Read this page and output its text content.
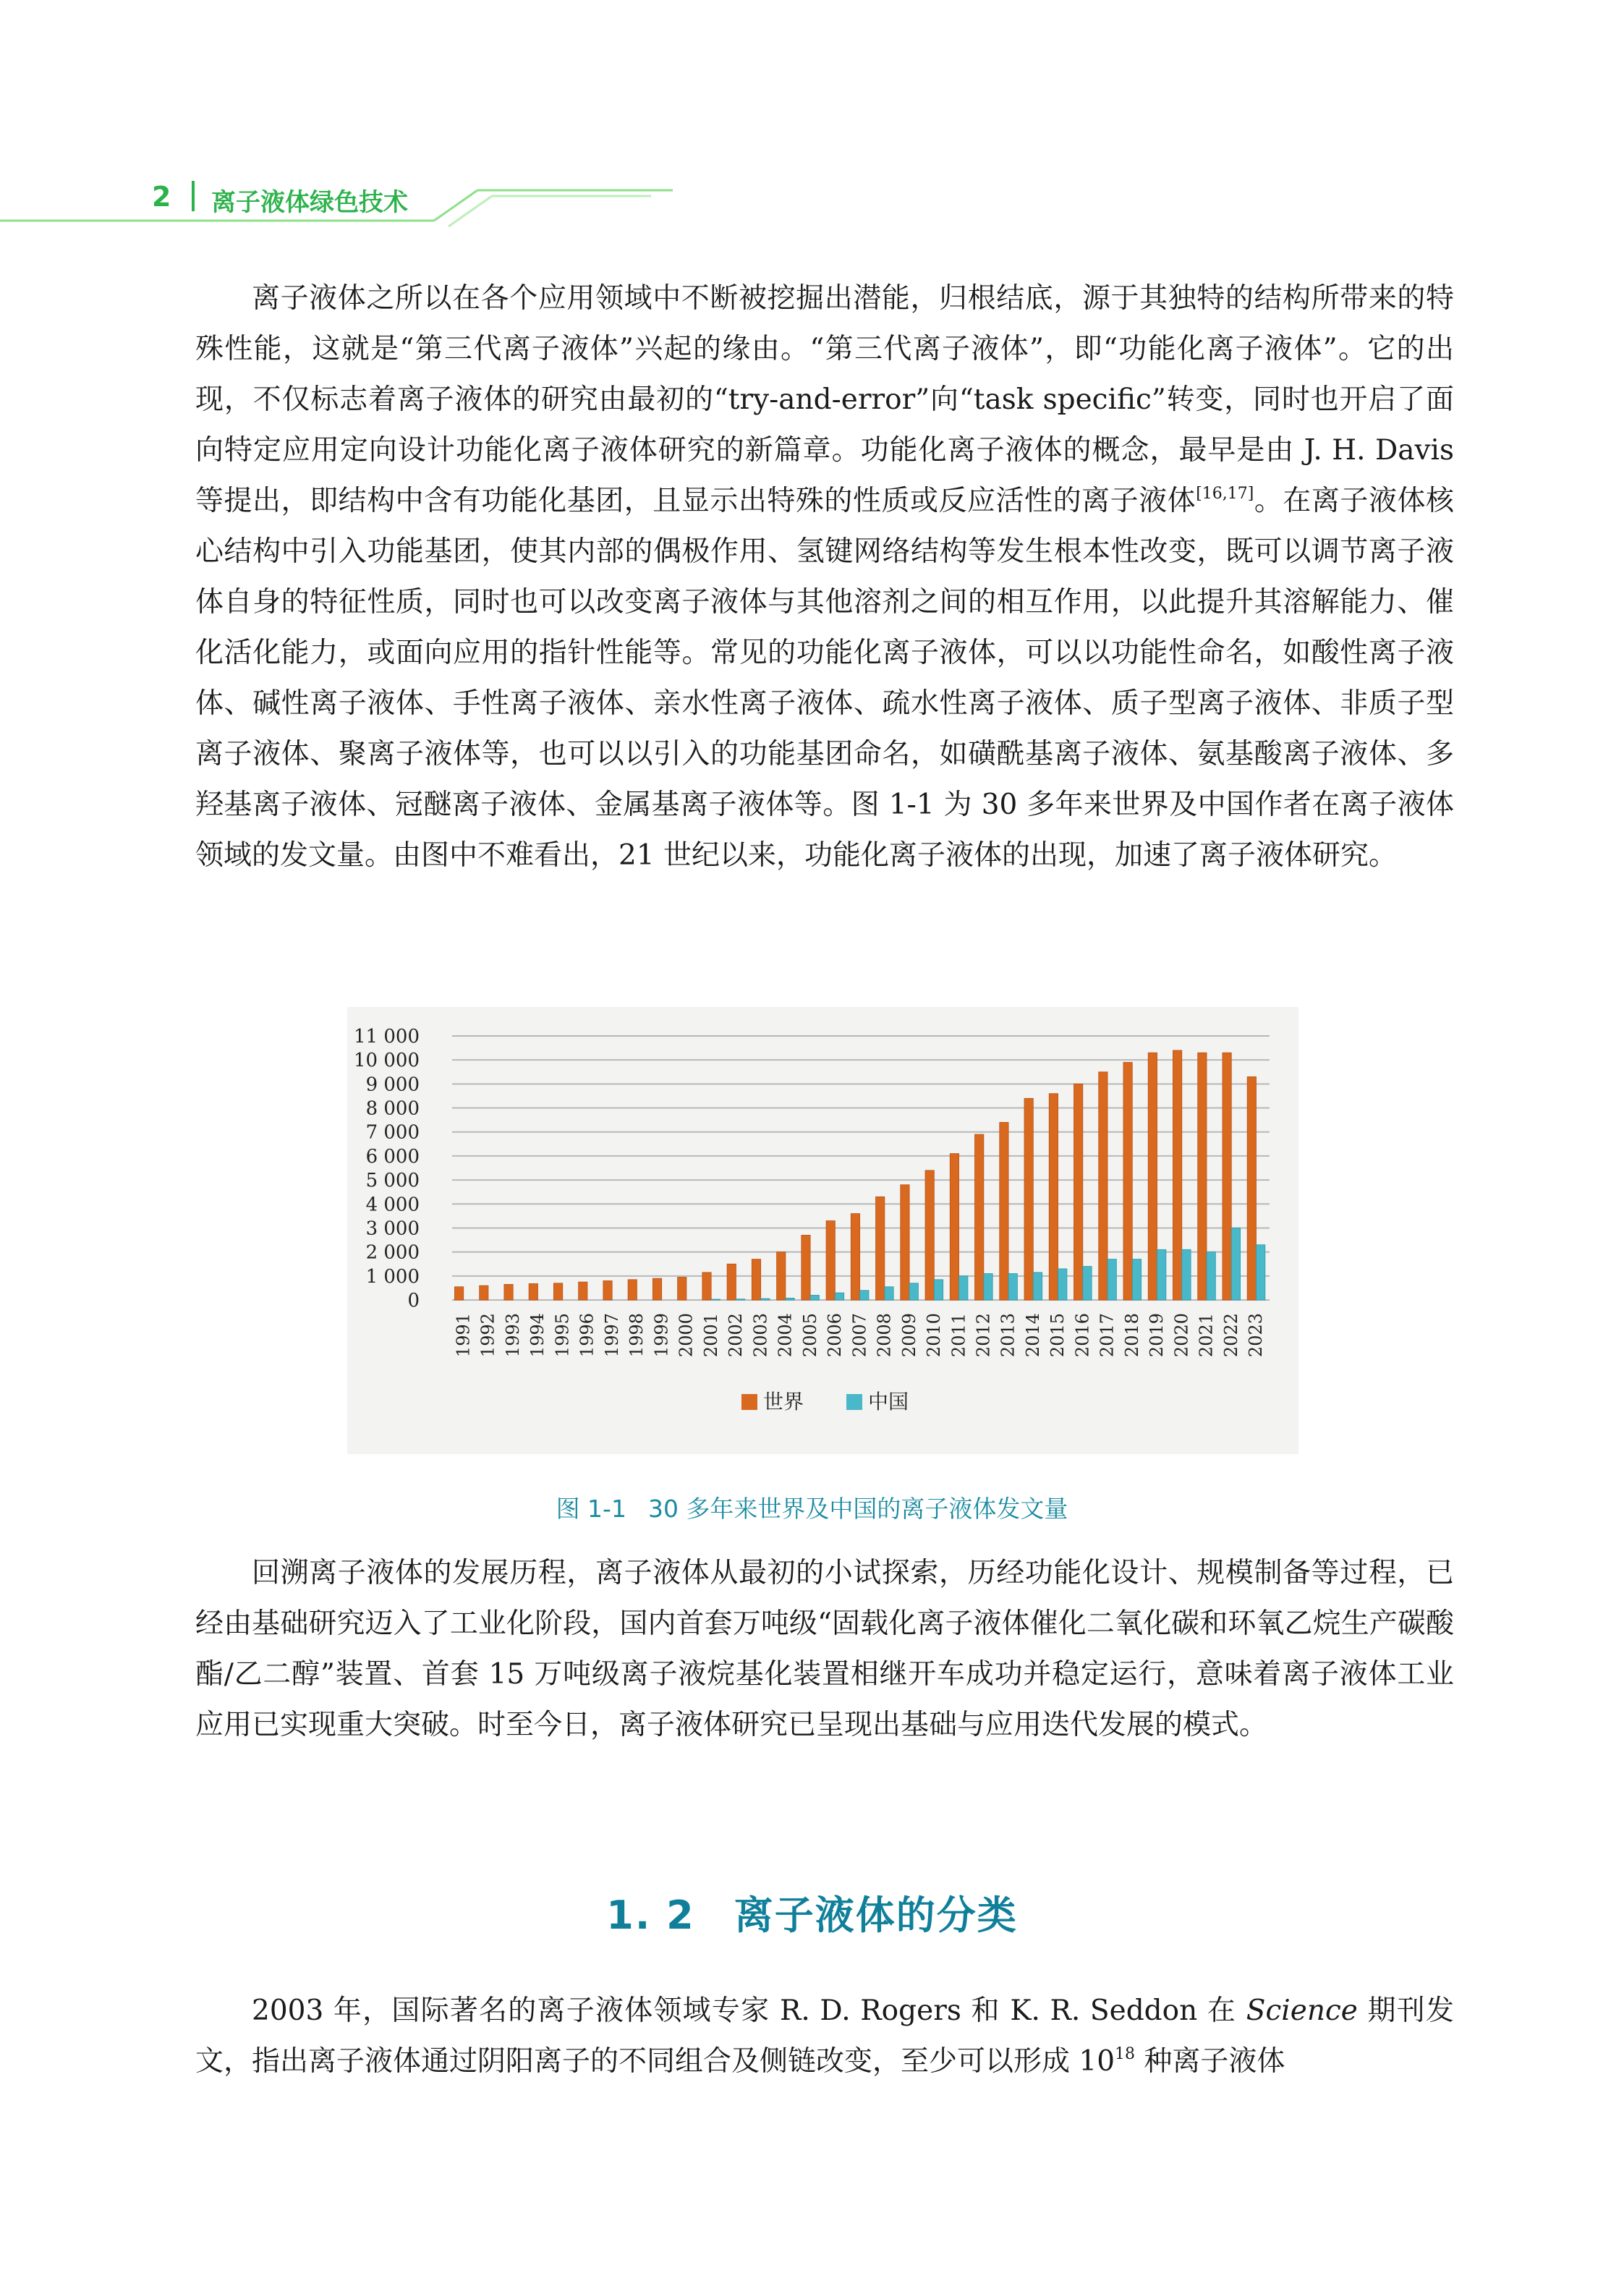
2 离子液体绿色技术

离子液体之所以在各个应用领域中不断被挖掘出潜能，归根结底，源于其独特的结构所带来的特殊性能，这就是“第三代离子液体”兴起的缘由。“第三代离子液体”，即“功能化离子液体”。它的出现，不仅标志着离子液体的研究由最初的“try-and-error”向“task specific”转变，同时也开启了面向特定应用定向设计功能化离子液体研究的新篇章。功能化离子液体的概念，最早是由 J. H. Davis 等提出，即结构中含有功能化基团，且显示出特殊的性质或反应活性的离子液体[16,17]。在离子液体核心结构中引入功能基团，使其内部的偶极作用、氢键网络结构等发生根本性改变，既可以调节离子液体自身的特征性质，同时也可以改变离子液体与其他溶剂之间的相互作用，以此提升其溶解能力、催化活化能力，或面向应用的指针性能等。常见的功能化离子液体，可以以功能性命名，如酸性离子液体、碱性离子液体、手性离子液体、亲水性离子液体、疏水性离子液体、质子型离子液体、非质子型离子液体、聚离子液体等，也可以以引入的功能基团命名，如磺酰基离子液体、氨基酸离子液体、多羟基离子液体、冠醚离子液体、金属基离子液体等。图 1-1 为 30 多年来世界及中国作者在离子液体领域的发文量。由图中不难看出，21 世纪以来，功能化离子液体的出现，加速了离子液体研究。

0
1 000
2 000
3 000
4 000
5 000
6 000
7 000
8 000
9 000
10 000
11 000
1991 1992 1993 1994 1995 1996 1997 1998 1999 2000 2001 2002 2003 2004 2005 2006 2007 2008 2009 2010 2011 2012 2013 2014 2015 2016 2017 2018 2019 2020 2021 2022 2023
世界	中国
图 1-1 30 多年来世界及中国的离子液体发文量

回溯离子液体的发展历程，离子液体从最初的小试探索，历经功能化设计、规模制备等过程，已经由基础研究迈入了工业化阶段，国内首套万吨级“固载化离子液体催化二氧化碳和环氧乙烷生产碳酸酯/乙二醇”装置、首套 15 万吨级离子液烷基化装置相继开车成功并稳定运行，意味着离子液体工业应用已实现重大突破。时至今日，离子液体研究已呈现出基础与应用迭代发展的模式。

1. 2 离子液体的分类

2003 年，国际著名的离子液体领域专家 R. D. Rogers 和 K. R. Seddon 在 Science 期刊发文，指出离子液体通过阴阳离子的不同组合及侧链改变，至少可以形成 $10^{18}$ 种离子液体
